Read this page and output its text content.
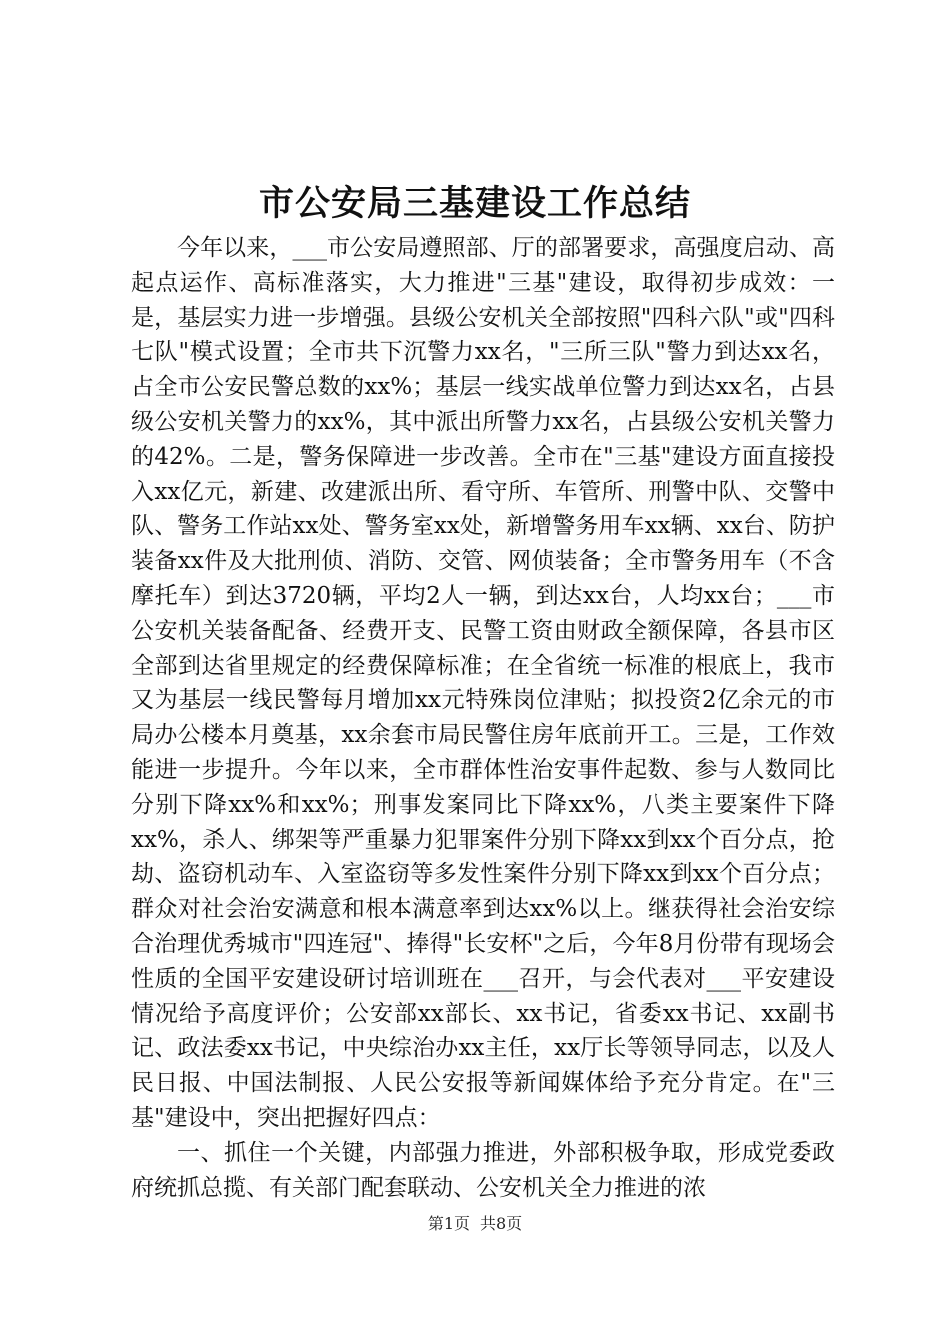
市公安局三基建设工作总结

今年以来，___市公安局遵照部、厅的部署要求，高强度启动、高起点运作、高标准落实，大力推进"三基"建设，取得初步成效：一是，基层实力进一步增强。县级公安机关全部按照"四科六队"或"四科七队"模式设置；全市共下沉警力xx名，"三所三队"警力到达xx名，占全市公安民警总数的xx%；基层一线实战单位警力到达xx名，占县级公安机关警力的xx%，其中派出所警力xx名，占县级公安机关警力的42%。二是，警务保障进一步改善。全市在"三基"建设方面直接投入xx亿元，新建、改建派出所、看守所、车管所、刑警中队、交警中队、警务工作站xx处、警务室xx处，新增警务用车xx辆、xx台、防护装备xx件及大批刑侦、消防、交管、网侦装备；全市警务用车（不含摩托车）到达3720辆，平均2人一辆，到达xx台，人均xx台；___市公安机关装备配备、经费开支、民警工资由财政全额保障，各县市区全部到达省里规定的经费保障标准；在全省统一标准的根底上，我市又为基层一线民警每月增加xx元特殊岗位津贴；拟投资2亿余元的市局办公楼本月奠基，xx余套市局民警住房年底前开工。三是，工作效能进一步提升。今年以来，全市群体性治安事件起数、参与人数同比分别下降xx%和xx%；刑事发案同比下降xx%，八类主要案件下降xx%，杀人、绑架等严重暴力犯罪案件分别下降xx到xx个百分点，抢劫、盗窃机动车、入室盗窃等多发性案件分别下降xx到xx个百分点；群众对社会治安满意和根本满意率到达xx%以上。继获得社会治安综合治理优秀城市"四连冠"、捧得"长安杯"之后，今年8月份带有现场会性质的全国平安建设研讨培训班在___召开，与会代表对___平安建设情况给予高度评价；公安部xx部长、xx书记，省委xx书记、xx副书记、政法委xx书记，中央综治办xx主任，xx厅长等领导同志，以及人民日报、中国法制报、人民公安报等新闻媒体给予充分肯定。在"三基"建设中，突出把握好四点：

一、抓住一个关键，内部强力推进，外部积极争取，形成党委政府统抓总揽、有关部门配套联动、公安机关全力推进的浓

第1页 共8页
